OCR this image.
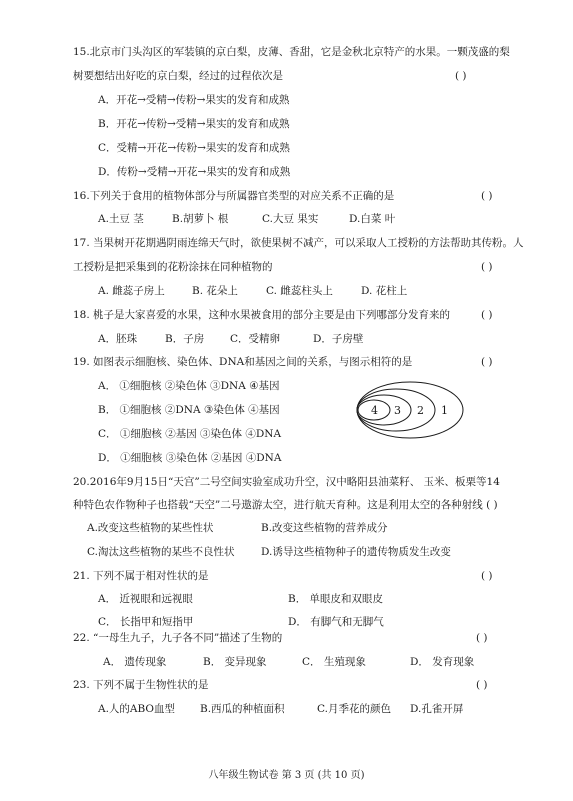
15.北京市门头沟区的军装镇的京白梨，皮薄、香甜，它是金秋北京特产的水果。一颗茂盛的梨
树要想结出好吃的京白梨，经过的过程依次是	( )
A．开花→受精→传粉→果实的发育和成熟
B．开花→传粉→受精→果实的发育和成熟
C．受精→开花→传粉→果实的发育和成熟
D．传粉→受精→开花→果实的发育和成熟
16.下列关于食用的植物体部分与所属器官类型的对应关系不正确的是	( )
A.土豆 茎	B.胡萝卜 根	C.大豆 果实	D.白菜 叶
17. 当果树开花期遇阴雨连绵天气时，欲使果树不减产，可以采取人工授粉的方法帮助其传粉。人
工授粉是把采集到的花粉涂抹在同种植物的	( )
A. 雌蕊子房上	B. 花朵上	C. 雌蕊柱头上	D. 花柱上
18. 桃子是大家喜爱的水果，这种水果被食用的部分主要是由下列哪部分发育来的	( )
A．胚珠	B．子房 C．受精卵	D．子房壁
19. 如图表示细胞核、染色体、DNA和基因之间的关系，与图示相符的是	( )
A． ①细胞核 ②染色体 ③DNA ④基因
B． ①细胞核 ②DNA ③染色体 ④基因
C． ①细胞核 ②基因 ③染色体 ④DNA
D． ①细胞核 ③染色体 ②基因 ④DNA
4 3 2 1
20.2016年9月15日“天宫”二号空间实验室成功升空，汉中略阳县油菜籽、 玉米、板栗等14
种特色农作物种子也搭载“天空”二号遨游太空，进行航天育种。这是利用太空的各种射线 ( )
A.改变这些植物的某些性状	B.改变这些植物的营养成分
C.淘汰这些植物的某些不良性状	D.诱导这些植物种子的遗传物质发生改变
21. 下列不属于相对性状的是	( )
A． 近视眼和远视眼	B． 单眼皮和双眼皮
C． 长指甲和短指甲	D． 有脚气和无脚气
22. “一母生九子，九子各不同”描述了生物的	( )
A． 遗传现象	B． 变异现象	C． 生殖现象	D． 发育现象
23. 下列不属于生物性状的是	( )
A.人的ABO血型 B.西瓜的种植面积	C.月季花的颜色 D.孔雀开屏
八年级生物试卷 第 3 页 (共 10 页)
